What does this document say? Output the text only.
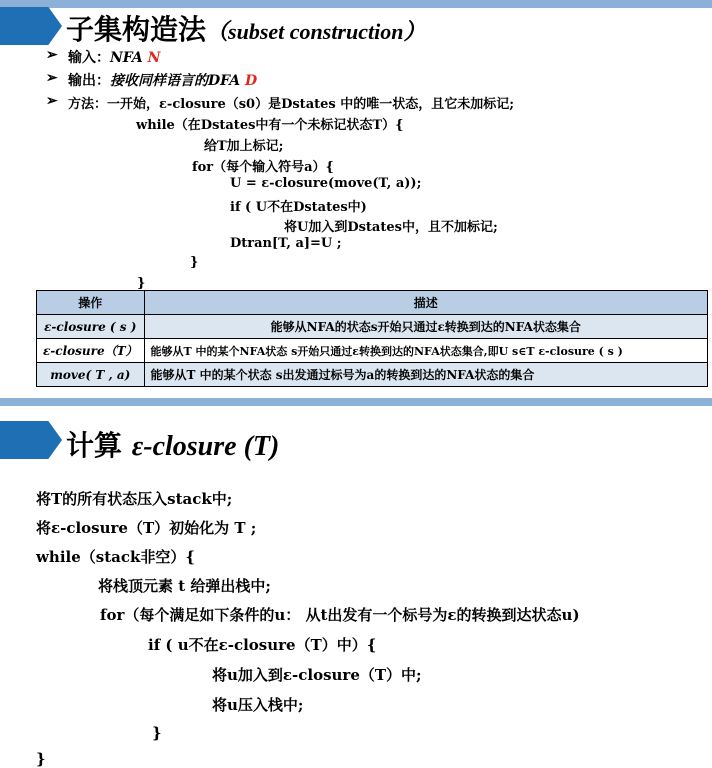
子集构造法（subset construction）
➢ 输入：NFA N
➢ 输出：接收同样语言的DFA D
➢ 方法：一开始，ε-closure（s0）是Dstates 中的唯一状态，且它未加标记;
while（在Dstates中有一个未标记状态T）{
给T加上标记;
for（每个输入符号a）{
U = ε-closure(move(T, a));
if ( U不在Dstates中)
将U加入到Dstates中，且不加标记;
Dtran[T, a]=U ;
}
}
操作	描述
ε-closure ( s )	能够从NFA的状态s开始只通过ε转换到达的NFA状态集合
ε-closure（T）	能够从T 中的某个NFA状态 s开始只通过ε转换到达的NFA状态集合,即U s∈T ε-closure ( s )
move( T , a)	能够从T 中的某个状态 s出发通过标号为a的转换到达的NFA状态的集合
计算 ε-closure (T)
将T的所有状态压入stack中;
将ε-closure（T）初始化为 T ;
while（stack非空）{
将栈顶元素 t 给弹出栈中;
for（每个满足如下条件的u： 从t出发有一个标号为ε的转换到达状态u)
if ( u不在ε-closure（T）中）{
将u加入到ε-closure（T）中;
将u压入栈中;
}
}
